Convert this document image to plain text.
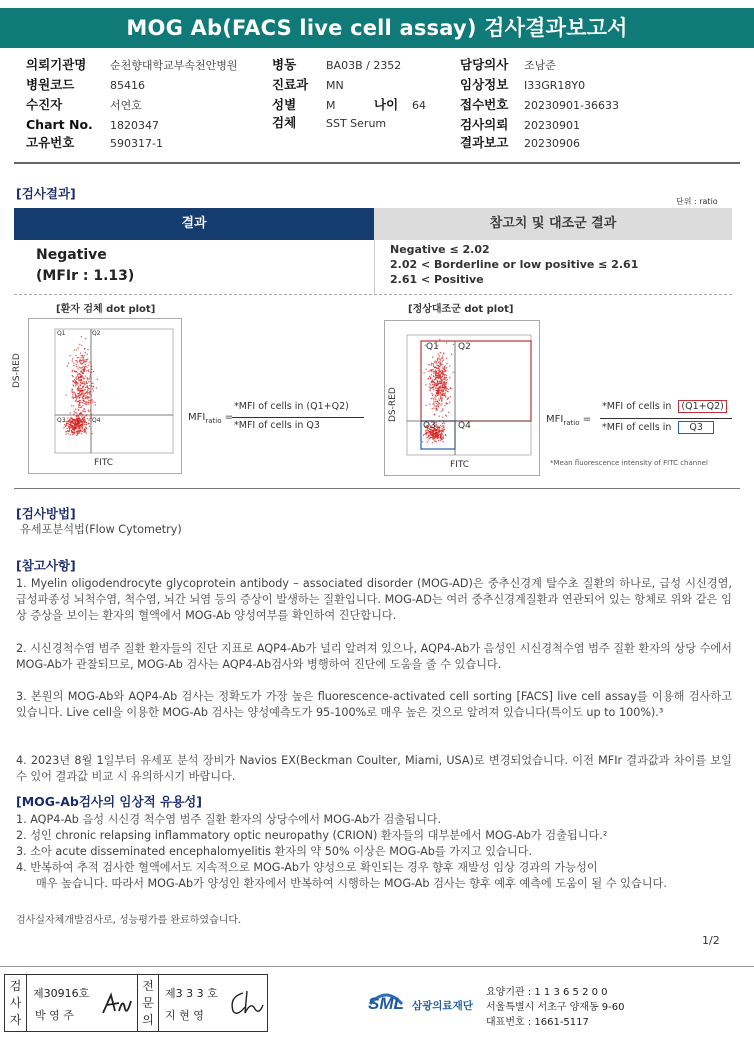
MOG Ab(FACS live cell assay) 검사결과보고서
의뢰기관명 순천향대학교부속천안병원
병원코드	85416
수진자	서연호
Chart No. 1820347
고유번호	590317-1
병동	BA03B / 2352
진료과 MN
성별	M	나이 64
검체	SST Serum
담당의사 조남준
임상정보 I33GR18Y0
접수번호 20230901-36633
검사의뢰 20230901
결과보고 20230906
[검사결과]
단위 : ratio
결과	참고치 및 대조군 결과
Negative
(MFIr : 1.13)
Negative ≤ 2.02
2.02 < Borderline or low positive ≤ 2.61
2.61 < Positive
[환자 검체 dot plot]
Q1	Q2
Q3	Q4
DS-RED
FITC
$MFI_{ratio}$ =
*MFI of cells in (Q1+Q2)
*MFI of cells in Q3
[정상대조군 dot plot]
Q1 Q2
Q3 Q4
DS-RED
FITC
$MFI_{ratio}$ =
*MFI of cells in (Q1+Q2)
*MFI of cells in Q3
*Mean fluorescence intensity of FITC channel
[검사방법]
유세포분석법(Flow Cytometry)
[참고사항]
1. Myelin oligodendrocyte glycoprotein antibody – associated disorder (MOG-AD)은 중추신경계 탈수초 질환의 하나로, 급성 시신경염, 급성파종성 뇌척수염, 척수염, 뇌간 뇌염 등의 증상이 발생하는 질환입니다. MOG-AD는 여러 중추신경계질환과 연관되어 있는 항체로 위와 같은 임상 증상을 보이는 환자의 혈액에서 MOG-Ab 양성여부를 확인하여 진단합니다.
2. 시신경척수염 범주 질환 환자들의 진단 지표로 AQP4-Ab가 널리 알려져 있으나, AQP4-Ab가 음성인 시신경척수염 범주 질환 환자의 상당 수에서 MOG-Ab가 관찰되므로, MOG-Ab 검사는 AQP4-Ab검사와 병행하여 진단에 도움을 줄 수 있습니다.
3. 본원의 MOG-Ab와 AQP4-Ab 검사는 정확도가 가장 높은 fluorescence-activated cell sorting [FACS] live cell assay를 이용해 검사하고 있습니다. Live cell을 이용한 MOG-Ab 검사는 양성예측도가 95-100%로 매우 높은 것으로 알려져 있습니다(특이도 up to 100%).³
4. 2023년 8월 1일부터 유세포 분석 장비가 Navios EX(Beckman Coulter, Miami, USA)로 변경되었습니다. 이전 MFIr 결과값과 차이를 보일 수 있어 결과값 비교 시 유의하시기 바랍니다.
[MOG-Ab검사의 임상적 유용성]
1. AQP4-Ab 음성 시신경 척수염 범주 질환 환자의 상당수에서 MOG-Ab가 검출됩니다.
2. 성인 chronic relapsing inflammatory optic neuropathy (CRION) 환자들의 대부분에서 MOG-Ab가 검출됩니다.²
3. 소아 acute disseminated encephalomyelitis 환자의 약 50% 이상은 MOG-Ab를 가지고 있습니다.
4. 반복하여 추적 검사한 혈액에서도 지속적으로 MOG-Ab가 양성으로 확인되는 경우 향후 재발성 임상 경과의 가능성이
매우 높습니다. 따라서 MOG-Ab가 양성인 환자에서 반복하여 시행하는 MOG-Ab 검사는 향후 예후 예측에 도움이 될 수 있습니다.
검사실자체개발검사로, 성능평가를 완료하였습니다.
1/2
검
사
자
제30916호
박 영 주
전
문
의
제3 3 3 호
지 현 영
SML 삼광의료재단
요양기관 : 1 1 3 6 5 2 0 0
서울특별시 서초구 양재동 9-60
대표번호 : 1661-5117
